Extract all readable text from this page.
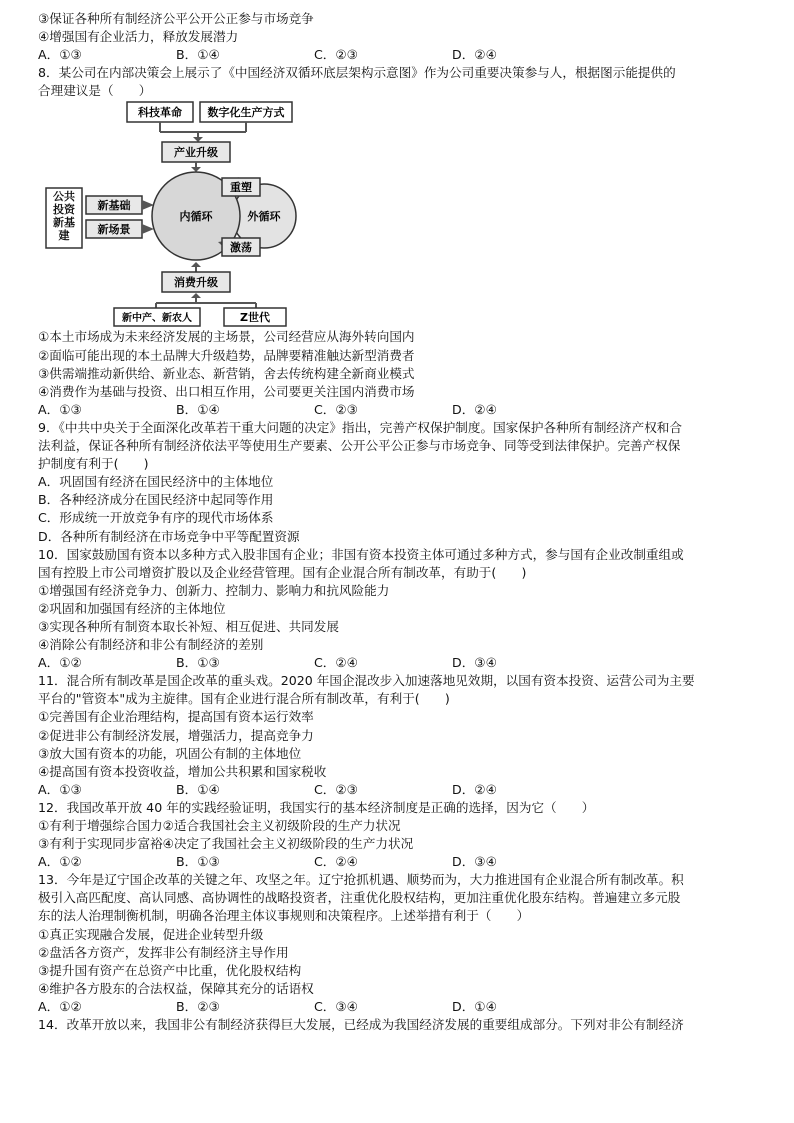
③保证各种所有制经济公平公开公正参与市场竞争
④增强国有企业活力，释放发展潜力
A．①③	B．①④	C．②③	D．②④
8．某公司在内部决策会上展示了《中国经济双循环底层架构示意图》作为公司重要决策参与人，根据图示能提供的
合理建议是（　　）
科技革命 数字化生产方式
产业升级
公共投资新基建
新基础
新场景
外循环
内循环
重塑
激荡
消费升级
新中产、新农人	Z世代
①本土市场成为未来经济发展的主场景，公司经营应从海外转向国内
②面临可能出现的本土品牌大升级趋势，品牌要精准触达新型消费者
③供需端推动新供给、新业态、新营销，舍去传统构建全新商业模式
④消费作为基础与投资、出口相互作用，公司要更关注国内消费市场
A．①③	B．①④	C．②③	D．②④
9．《中共中央关于全面深化改革若干重大问题的决定》指出，完善产权保护制度。国家保护各种所有制经济产权和合
法利益，保证各种所有制经济依法平等使用生产要素、公开公平公正参与市场竞争、同等受到法律保护。完善产权保
护制度有利于(　　)
A．巩固国有经济在国民经济中的主体地位
B．各种经济成分在国民经济中起同等作用
C．形成统一开放竞争有序的现代市场体系
D．各种所有制经济在市场竞争中平等配置资源
10．国家鼓励国有资本以多种方式入股非国有企业；非国有资本投资主体可通过多种方式，参与国有企业改制重组或
国有控股上市公司增资扩股以及企业经营管理。国有企业混合所有制改革，有助于(　　)
①增强国有经济竞争力、创新力、控制力、影响力和抗风险能力
②巩固和加强国有经济的主体地位
③实现各种所有制资本取长补短、相互促进、共同发展
④消除公有制经济和非公有制经济的差别
A．①②	B．①③	C．②④	D．③④
11．混合所有制改革是国企改革的重头戏。2020 年国企混改步入加速落地见效期，以国有资本投资、运营公司为主要
平台的"管资本"成为主旋律。国有企业进行混合所有制改革，有利于(　　)
①完善国有企业治理结构，提高国有资本运行效率
②促进非公有制经济发展，增强活力，提高竞争力
③放大国有资本的功能，巩固公有制的主体地位
④提高国有资本投资收益，增加公共积累和国家税收
A．①③	B．①④	C．②③	D．②④
12．我国改革开放 40 年的实践经验证明，我国实行的基本经济制度是正确的选择，因为它（　　）
①有利于增强综合国力②适合我国社会主义初级阶段的生产力状况
③有利于实现同步富裕④决定了我国社会主义初级阶段的生产力状况
A．①②	B．①③	C．②④	D．③④
13．今年是辽宁国企改革的关键之年、攻坚之年。辽宁抢抓机遇、顺势而为，大力推进国有企业混合所有制改革。积
极引入高匹配度、高认同感、高协调性的战略投资者，注重优化股权结构，更加注重优化股东结构。普遍建立多元股
东的法人治理制衡机制，明确各治理主体议事规则和决策程序。上述举措有利于（　　）
①真正实现融合发展，促进企业转型升级
②盘活各方资产，发挥非公有制经济主导作用
③提升国有资产在总资产中比重，优化股权结构
④维护各方股东的合法权益，保障其充分的话语权
A．①②	B．②③	C．③④	D．①④
14．改革开放以来，我国非公有制经济获得巨大发展，已经成为我国经济发展的重要组成部分。下列对非公有制经济
